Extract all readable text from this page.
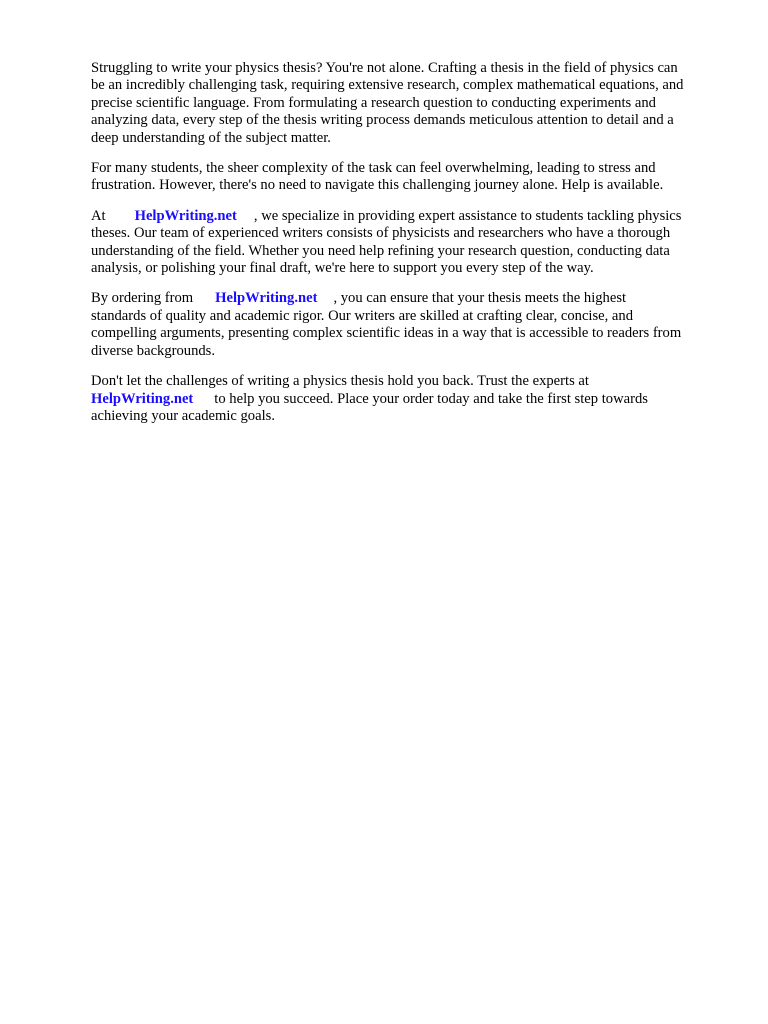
Struggling to write your physics thesis? You're not alone. Crafting a thesis in the field of physics can
be an incredibly challenging task, requiring extensive research, complex mathematical equations, and
precise scientific language. From formulating a research question to conducting experiments and
analyzing data, every step of the thesis writing process demands meticulous attention to detail and a
deep understanding of the subject matter.

For many students, the sheer complexity of the task can feel overwhelming, leading to stress and
frustration. However, there's no need to navigate this challenging journey alone. Help is available.

At HelpWriting.net , we specialize in providing expert assistance to students tackling physics
theses. Our team of experienced writers consists of physicists and researchers who have a thorough
understanding of the field. Whether you need help refining your research question, conducting data
analysis, or polishing your final draft, we're here to support you every step of the way.

By ordering from HelpWriting.net , you can ensure that your thesis meets the highest
standards of quality and academic rigor. Our writers are skilled at crafting clear, concise, and
compelling arguments, presenting complex scientific ideas in a way that is accessible to readers from
diverse backgrounds.

Don't let the challenges of writing a physics thesis hold you back. Trust the experts at
HelpWriting.net to help you succeed. Place your order today and take the first step towards
achieving your academic goals.
